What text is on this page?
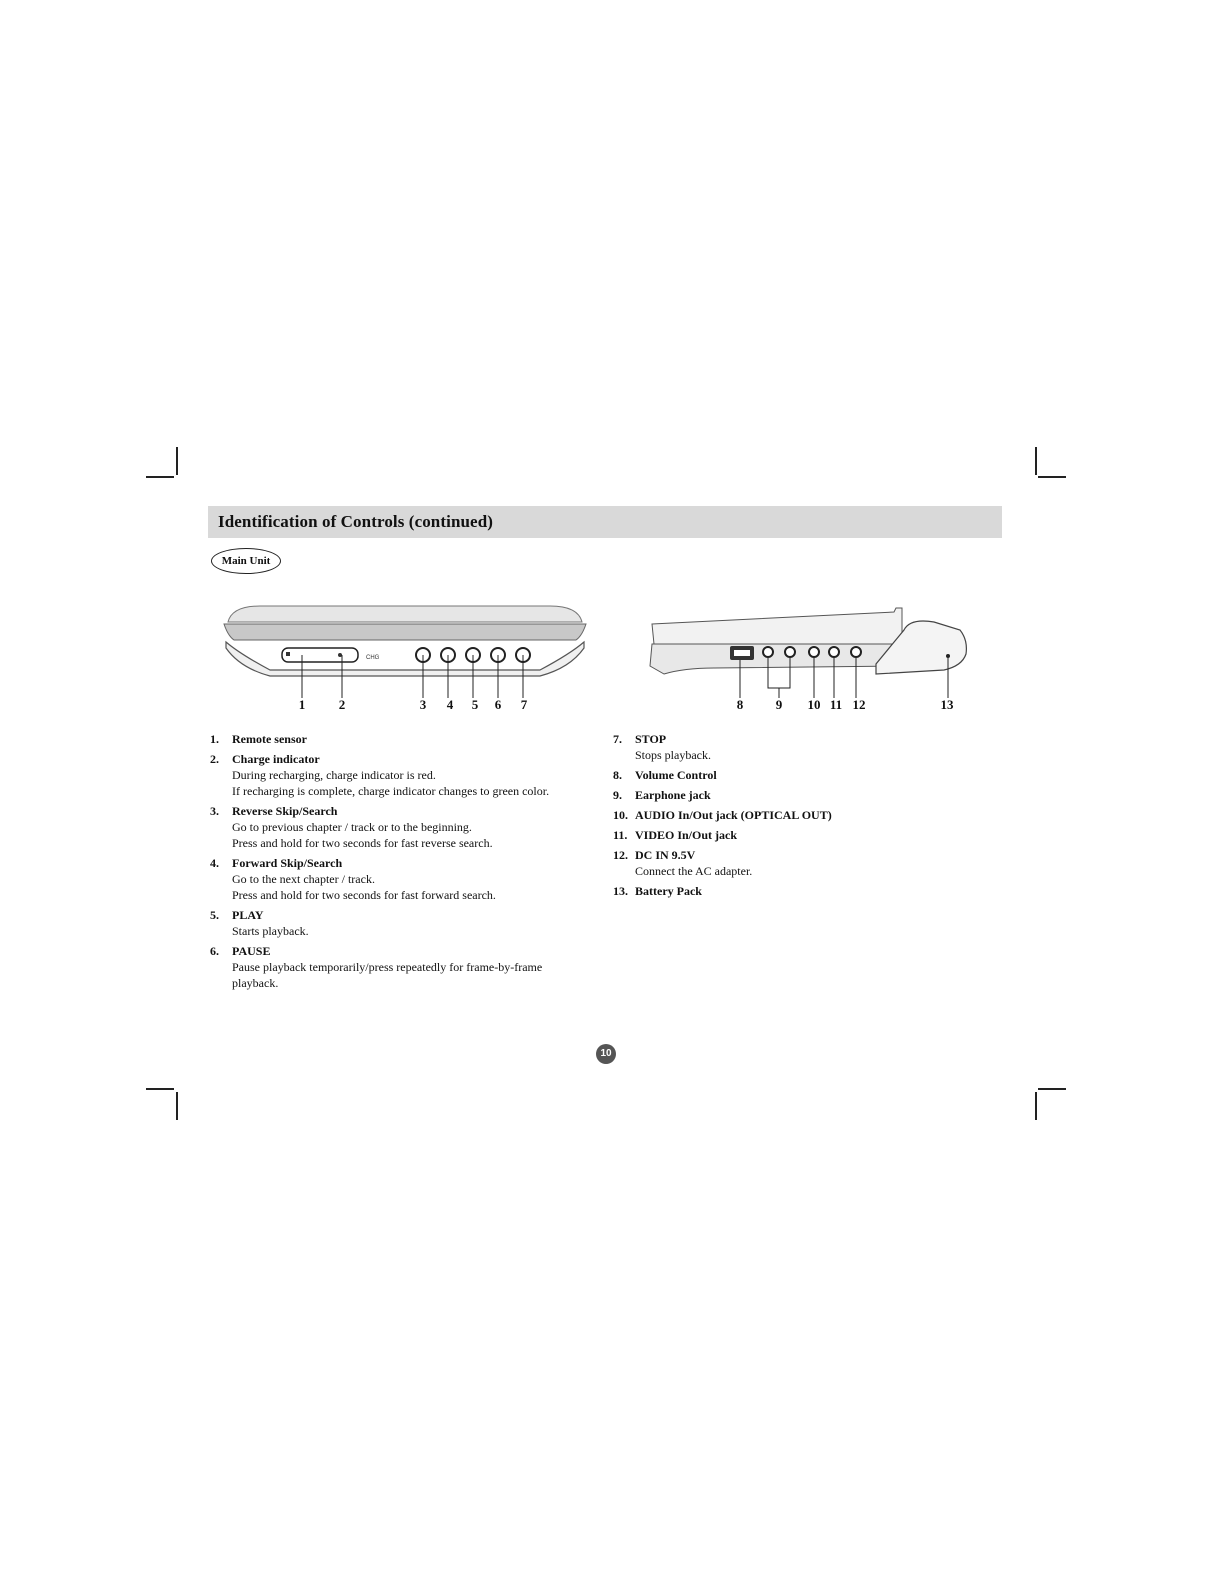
Identification of Controls (continued)
Main Unit
CHG
1	2	3 4 5 6 7	8	9 10 11 12	13
1. Remote sensor
2. Charge indicator
During recharging, charge indicator is red.
If recharging is complete, charge indicator changes to green color.
3. Reverse Skip/Search
Go to previous chapter / track or to the beginning.
Press and hold for two seconds for fast reverse search.
4. Forward Skip/Search
Go to the next chapter / track.
Press and hold for two seconds for fast forward search.
5. PLAY
Starts playback.
6. PAUSE
Pause playback temporarily/press repeatedly for frame-by-frame playback.
7. STOP
Stops playback.
8. Volume Control
9. Earphone jack
10. AUDIO In/Out jack (OPTICAL OUT)
11. VIDEO In/Out jack
12. DC IN 9.5V
Connect the AC adapter.
13. Battery Pack
10
